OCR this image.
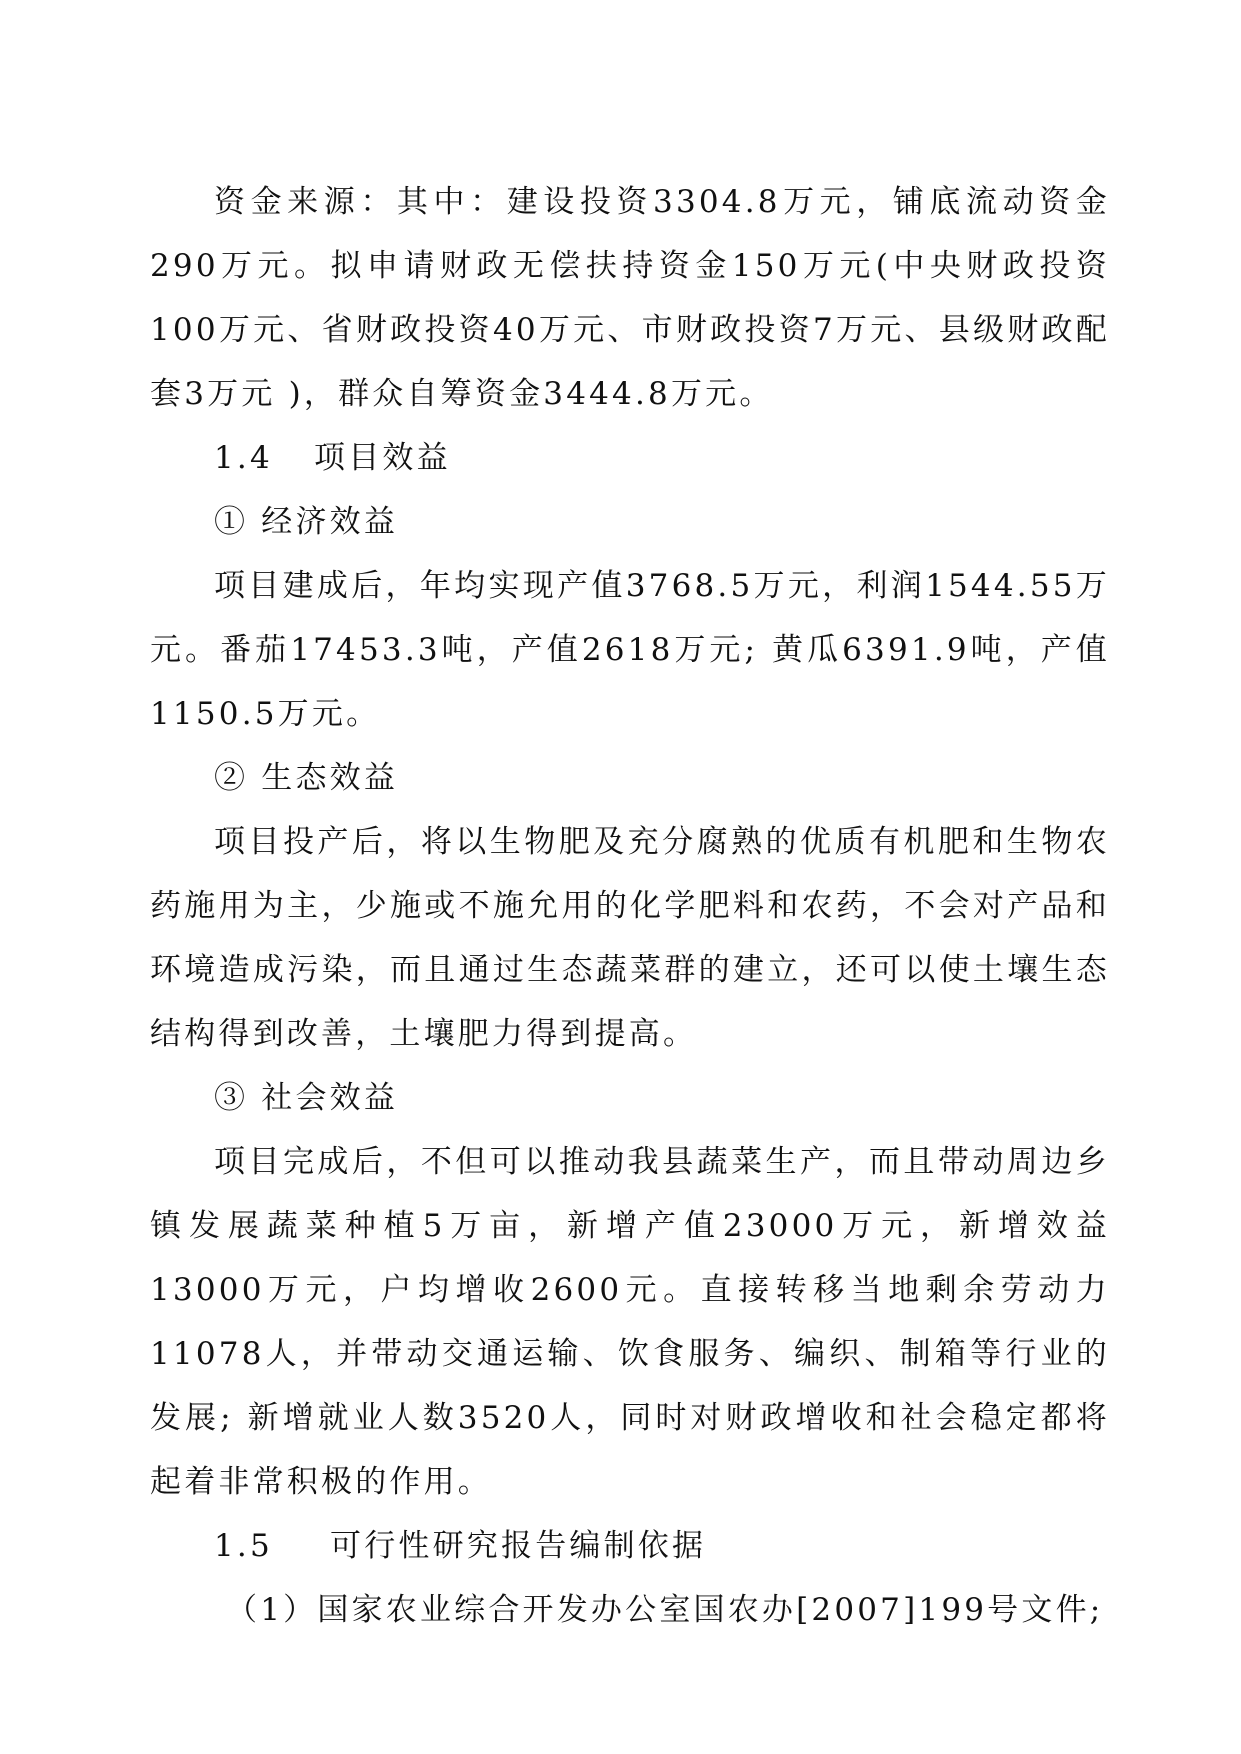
资金来源：其中：建设投资3304.8万元，铺底流动资金290万元。拟申请财政无偿扶持资金150万元(中央财政投资100万元、省财政投资40万元、市财政投资7万元、县级财政配套3万元 )，群众自筹资金3444.8万元。

1.4 项目效益

① 经济效益

项目建成后，年均实现产值3768.5万元，利润1544.55万元。番茄17453.3吨，产值2618万元; 黄瓜6391.9吨，产值1150.5万元。

② 生态效益

项目投产后，将以生物肥及充分腐熟的优质有机肥和生物农药施用为主，少施或不施允用的化学肥料和农药，不会对产品和环境造成污染，而且通过生态蔬菜群的建立，还可以使土壤生态结构得到改善，土壤肥力得到提高。

③ 社会效益

项目完成后，不但可以推动我县蔬菜生产，而且带动周边乡镇发展蔬菜种植5万亩，新增产值23000万元，新增效益13000万元，户均增收2600元。直接转移当地剩余劳动力11078人，并带动交通运输、饮食服务、编织、制箱等行业的发展; 新增就业人数3520人，同时对财政增收和社会稳定都将起着非常积极的作用。

1.5 可行性研究报告编制依据

（1）国家农业综合开发办公室国农办[2007]199号文件;
